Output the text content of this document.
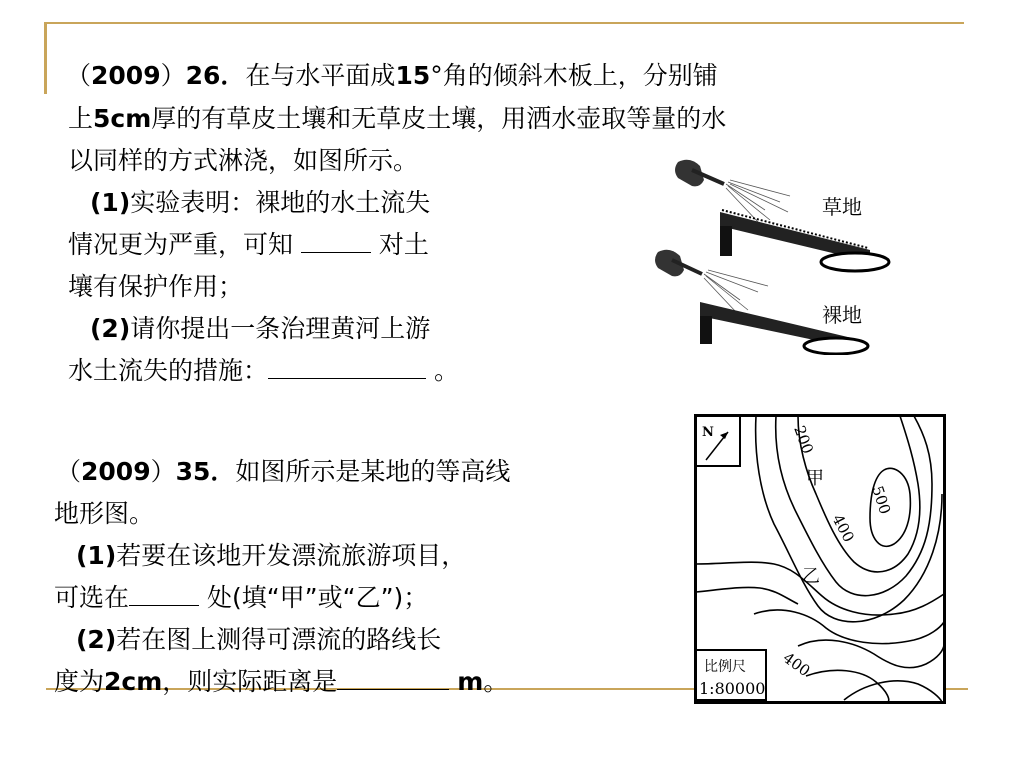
（2009）26．在与水平面成15°角的倾斜木板上，分别铺
上5cm厚的有草皮土壤和无草皮土壤，用洒水壶取等量的水
以同样的方式淋浇，如图所示。
(1)实验表明：裸地的水土流失
情况更为严重，可知	对土
壤有保护作用；
(2)请你提出一条治理黄河上游
水土流失的措施：	。
草地
裸地
（2009）35．如图所示是某地的等高线
地形图。
(1)若要在该地开发漂流旅游项目，
可选在	处(填“甲”或“乙”)；
(2)若在图上测得可漂流的路线长
度为2cm，则实际距离是	m。
N	200
400
500
400
甲
乙
比例尺
1:80000
